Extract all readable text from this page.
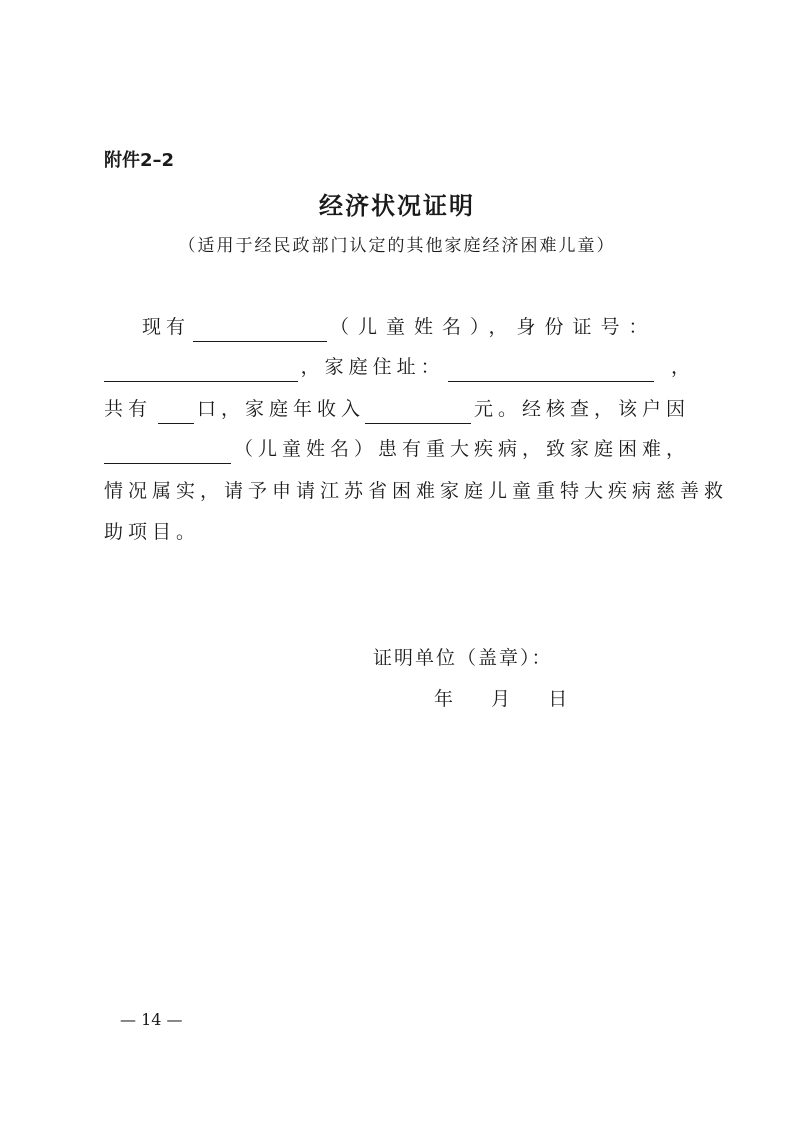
附件2–2
经济状况证明
（适用于经民政部门认定的其他家庭经济困难儿童）
现有	（儿童姓名），身份证号：
，家庭住址：	，
共有 口，家庭年收入	元。经核查，该户因
（儿童姓名）患有重大疾病，致家庭困难，
情况属实，请予申请江苏省困难家庭儿童重特大疾病慈善救
助项目。
证明单位（盖章）：
年 月 日
— 14 —
